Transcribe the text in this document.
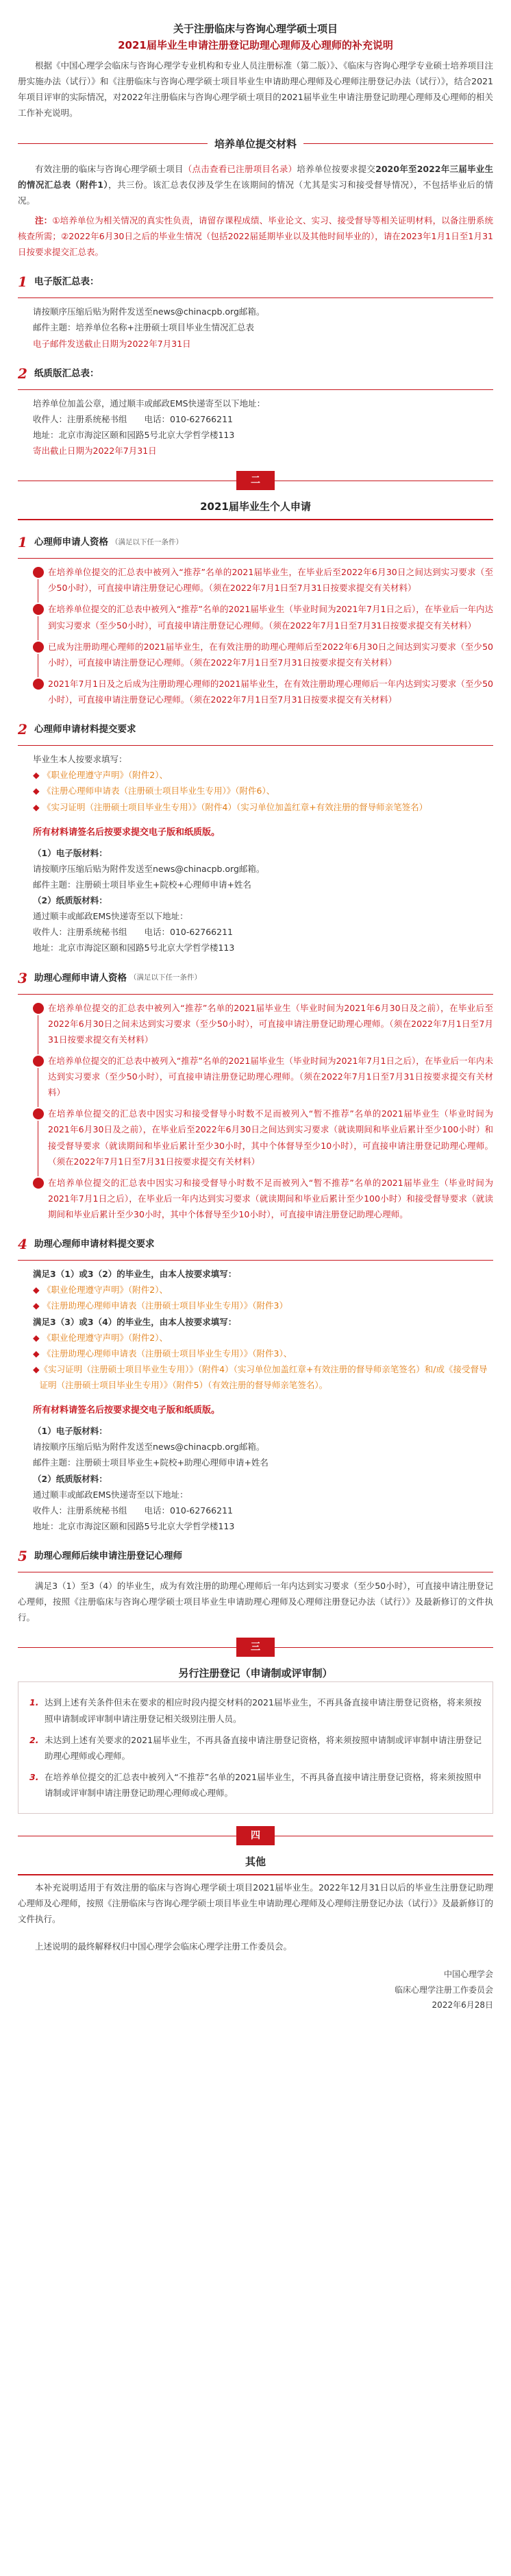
关于注册临床与咨询心理学硕士项目
2021届毕业生申请注册登记助理心理师及心理师的补充说明

根据《中国心理学会临床与咨询心理学专业机构和专业人员注册标准（第二版）》、《临床与咨询心理学专业硕士培养项目注册实施办法（试行）》和《注册临床与咨询心理学硕士项目毕业生申请助理心理师及心理师注册登记办法（试行）》，结合2021年项目评审的实际情况，对2022年注册临床与咨询心理学硕士项目的2021届毕业生申请注册登记助理心理师及心理师的相关工作补充说明。

培养单位提交材料

有效注册的临床与咨询心理学硕士项目（点击查看已注册项目名录）培养单位按要求提交2020年至2022年三届毕业生的情况汇总表（附件1），共三份。该汇总表仅涉及学生在该期间的情况（尤其是实习和接受督导情况），不包括毕业后的情况。

注：①培养单位为相关情况的真实性负责，请留存课程成绩、毕业论文、实习、接受督导等相关证明材料，以备注册系统核查所需；②2022年6月30日之后的毕业生情况（包括2022届延期毕业以及其他时间毕业的），请在2023年1月1日至1月31日按要求提交汇总表。

1 电子版汇总表：
请按顺序压缩后贴为附件发送至news@chinacpb.org邮箱。
邮件主题：培养单位名称+注册硕士项目毕业生情况汇总表
电子邮件发送截止日期为2022年7月31日
2 纸质版汇总表：
培养单位加盖公章，通过顺丰或邮政EMS快递寄至以下地址：
收件人：注册系统秘书组　　电话：010-62766211
地址：北京市海淀区颐和园路5号北京大学哲学楼113
寄出截止日期为2022年7月31日
二
2021届毕业生个人申请
1 心理师申请人资格 （满足以下任一条件）
在培养单位提交的汇总表中被列入“推荐”名单的2021届毕业生，在毕业后至2022年6月30日之间达到实习要求（至少50小时），可直接申请注册登记心理师。（须在2022年7月1日至7月31日按要求提交有关材料）
在培养单位提交的汇总表中被列入“推荐”名单的2021届毕业生（毕业时间为2021年7月1日之后），在毕业后一年内达到实习要求（至少50小时），可直接申请注册登记心理师。（须在2022年7月1日至7月31日按要求提交有关材料）
已成为注册助理心理师的2021届毕业生，在有效注册的助理心理师后至2022年6月30日之间达到实习要求（至少50小时），可直接申请注册登记心理师。（须在2022年7月1日至7月31日按要求提交有关材料）
2021年7月1日及之后成为注册助理心理师的2021届毕业生，在有效注册助理心理师后一年内达到实习要求（至少50小时），可直接申请注册登记心理师。（须在2022年7月1日至7月31日按要求提交有关材料）
2 心理师申请材料提交要求
毕业生本人按要求填写：
◆ 《职业伦理遵守声明》（附件2）、
◆ 《注册心理师申请表（注册硕士项目毕业生专用）》（附件6）、
◆ 《实习证明（注册硕士项目毕业生专用）》（附件4）（实习单位加盖红章+有效注册的督导师亲笔签名）
所有材料请签名后按要求提交电子版和纸质版。
（1）电子版材料：
请按顺序压缩后贴为附件发送至news@chinacpb.org邮箱。
邮件主题：注册硕士项目毕业生+院校+心理师申请+姓名
（2）纸质版材料：
通过顺丰或邮政EMS快递寄至以下地址：
收件人：注册系统秘书组　　电话：010-62766211
地址：北京市海淀区颐和园路5号北京大学哲学楼113
3 助理心理师申请人资格 （满足以下任一条件）
在培养单位提交的汇总表中被列入“推荐”名单的2021届毕业生（毕业时间为2021年6月30日及之前），在毕业后至2022年6月30日之间未达到实习要求（至少50小时），可直接申请注册登记助理心理师。（须在2022年7月1日至7月31日按要求提交有关材料）
在培养单位提交的汇总表中被列入“推荐”名单的2021届毕业生（毕业时间为2021年7月1日之后），在毕业后一年内未达到实习要求（至少50小时），可直接申请注册登记助理心理师。（须在2022年7月1日至7月31日按要求提交有关材料）
在培养单位提交的汇总表中因实习和接受督导小时数不足而被列入“暂不推荐”名单的2021届毕业生（毕业时间为2021年6月30日及之前），在毕业后至2022年6月30日之间达到实习要求（就读期间和毕业后累计至少100小时）和接受督导要求（就读期间和毕业后累计至少30小时，其中个体督导至少10小时），可直接申请注册登记助理心理师。（须在2022年7月1日至7月31日按要求提交有关材料）
在培养单位提交的汇总表中因实习和接受督导小时数不足而被列入“暂不推荐”名单的2021届毕业生（毕业时间为2021年7月1日之后），在毕业后一年内达到实习要求（就读期间和毕业后累计至少100小时）和接受督导要求（就读期间和毕业后累计至少30小时，其中个体督导至少10小时），可直接申请注册登记助理心理师。
4 助理心理师申请材料提交要求
满足3（1）或3（2）的毕业生，由本人按要求填写：
◆ 《职业伦理遵守声明》（附件2）、
◆ 《注册助理心理师申请表（注册硕士项目毕业生专用）》（附件3）
满足3（3）或3（4）的毕业生，由本人按要求填写：
◆ 《职业伦理遵守声明》（附件2）、
◆ 《注册助理心理师申请表（注册硕士项目毕业生专用）》（附件3）、
◆ 《实习证明（注册硕士项目毕业生专用）》（附件4）（实习单位加盖红章+有效注册的督导师亲笔签名）和/或《接受督导证明（注册硕士项目毕业生专用）》（附件5）（有效注册的督导师亲笔签名）。
所有材料请签名后按要求提交电子版和纸质版。
（1）电子版材料：
请按顺序压缩后贴为附件发送至news@chinacpb.org邮箱。
邮件主题：注册硕士项目毕业生+院校+助理心理师申请+姓名
（2）纸质版材料：
通过顺丰或邮政EMS快递寄至以下地址：
收件人：注册系统秘书组　　电话：010-62766211
地址：北京市海淀区颐和园路5号北京大学哲学楼113
5 助理心理师后续申请注册登记心理师

满足3（1）至3（4）的毕业生，成为有效注册的助理心理师后一年内达到实习要求（至少50小时），可直接申请注册登记心理师，按照《注册临床与咨询心理学硕士项目毕业生申请助理心理师及心理师注册登记办法（试行）》及最新修订的文件执行。

三
另行注册登记（申请制或评审制）
1. 达到上述有关条件但未在要求的相应时段内提交材料的2021届毕业生，不再具备直接申请注册登记资格，将来须按照申请制或评审制申请注册登记相关级别注册人员。
2. 未达到上述有关要求的2021届毕业生，不再具备直接申请注册登记资格，将来须按照申请制或评审制申请注册登记助理心理师或心理师。
3. 在培养单位提交的汇总表中被列入“不推荐”名单的2021届毕业生，不再具备直接申请注册登记资格，将来须按照申请制或评审制申请注册登记助理心理师或心理师。
四
其他

本补充说明适用于有效注册的临床与咨询心理学硕士项目2021届毕业生。2022年12月31日以后的毕业生注册登记助理心理师及心理师，按照《注册临床与咨询心理学硕士项目毕业生申请助理心理师及心理师注册登记办法（试行）》及最新修订的文件执行。

上述说明的最终解释权归中国心理学会临床心理学注册工作委员会。

中国心理学会
临床心理学注册工作委员会
2022年6月28日
